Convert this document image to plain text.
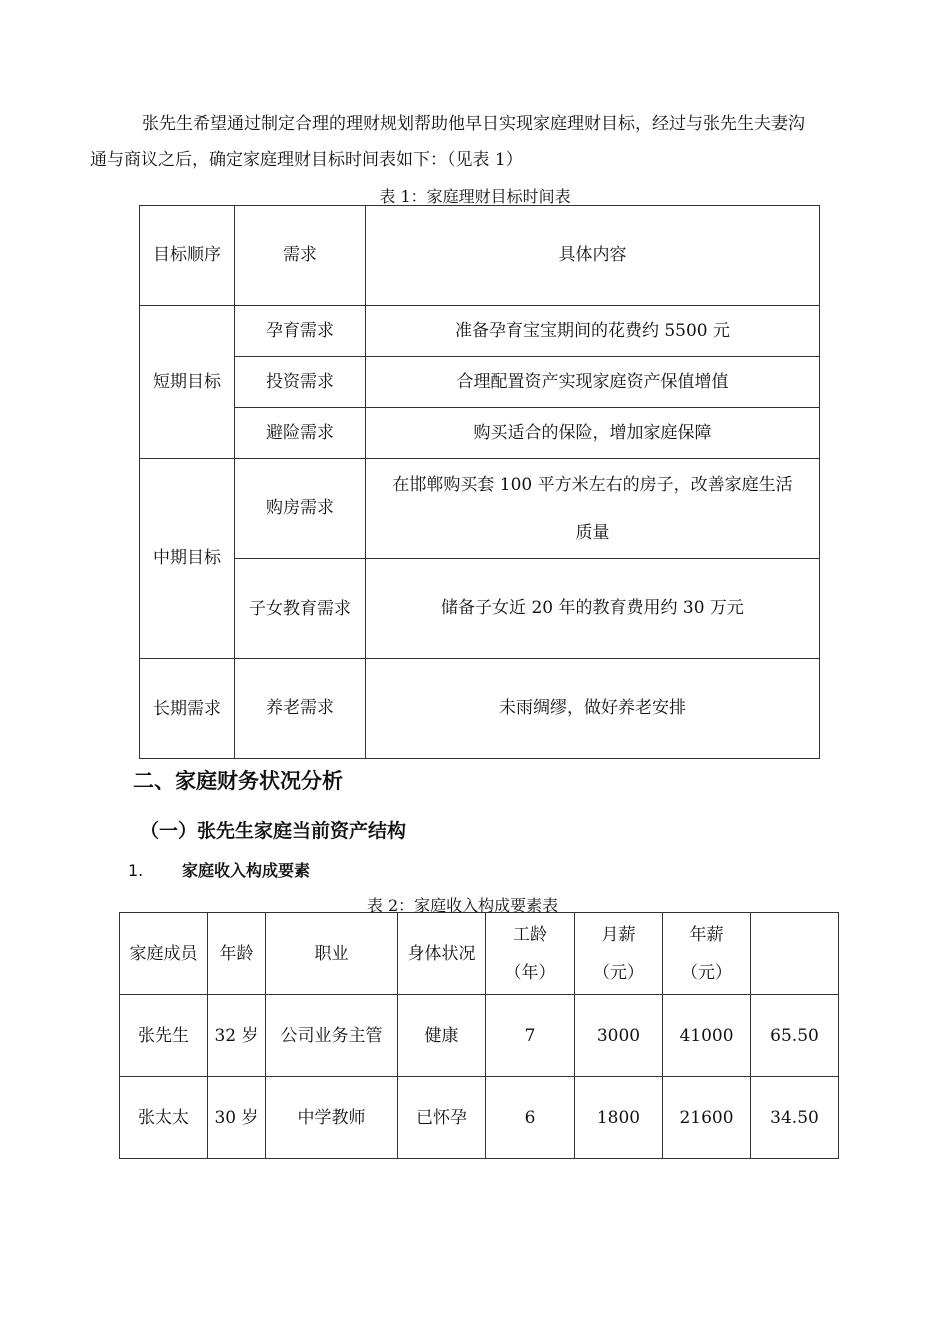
张先生希望通过制定合理的理财规划帮助他早日实现家庭理财目标，经过与张先生夫妻沟通与商议之后，确定家庭理财目标时间表如下：（见表 1）
表 1：家庭理财目标时间表
目标顺序	需求	具体内容
短期目标	孕育需求	准备孕育宝宝期间的花费约 5500 元
	投资需求	合理配置资产实现家庭资产保值增值
	避险需求	购买适合的保险，增加家庭保障
中期目标	购房需求	在邯郸购买套 100 平方米左右的房子，改善家庭生活质量
	子女教育需求	储备子女近 20 年的教育费用约 30 万元
长期需求	养老需求	未雨绸缪，做好养老安排
二、家庭财务状况分析
（一）张先生家庭当前资产结构
1. 家庭收入构成要素
表 2：家庭收入构成要素表
家庭成员	年龄	职业	身体状况	工龄（年）	月薪（元）	年薪（元）	
张先生	32 岁	公司业务主管	健康	7	3000	41000	65.50
张太太	30 岁	中学教师	已怀孕	6	1800	21600	34.50
